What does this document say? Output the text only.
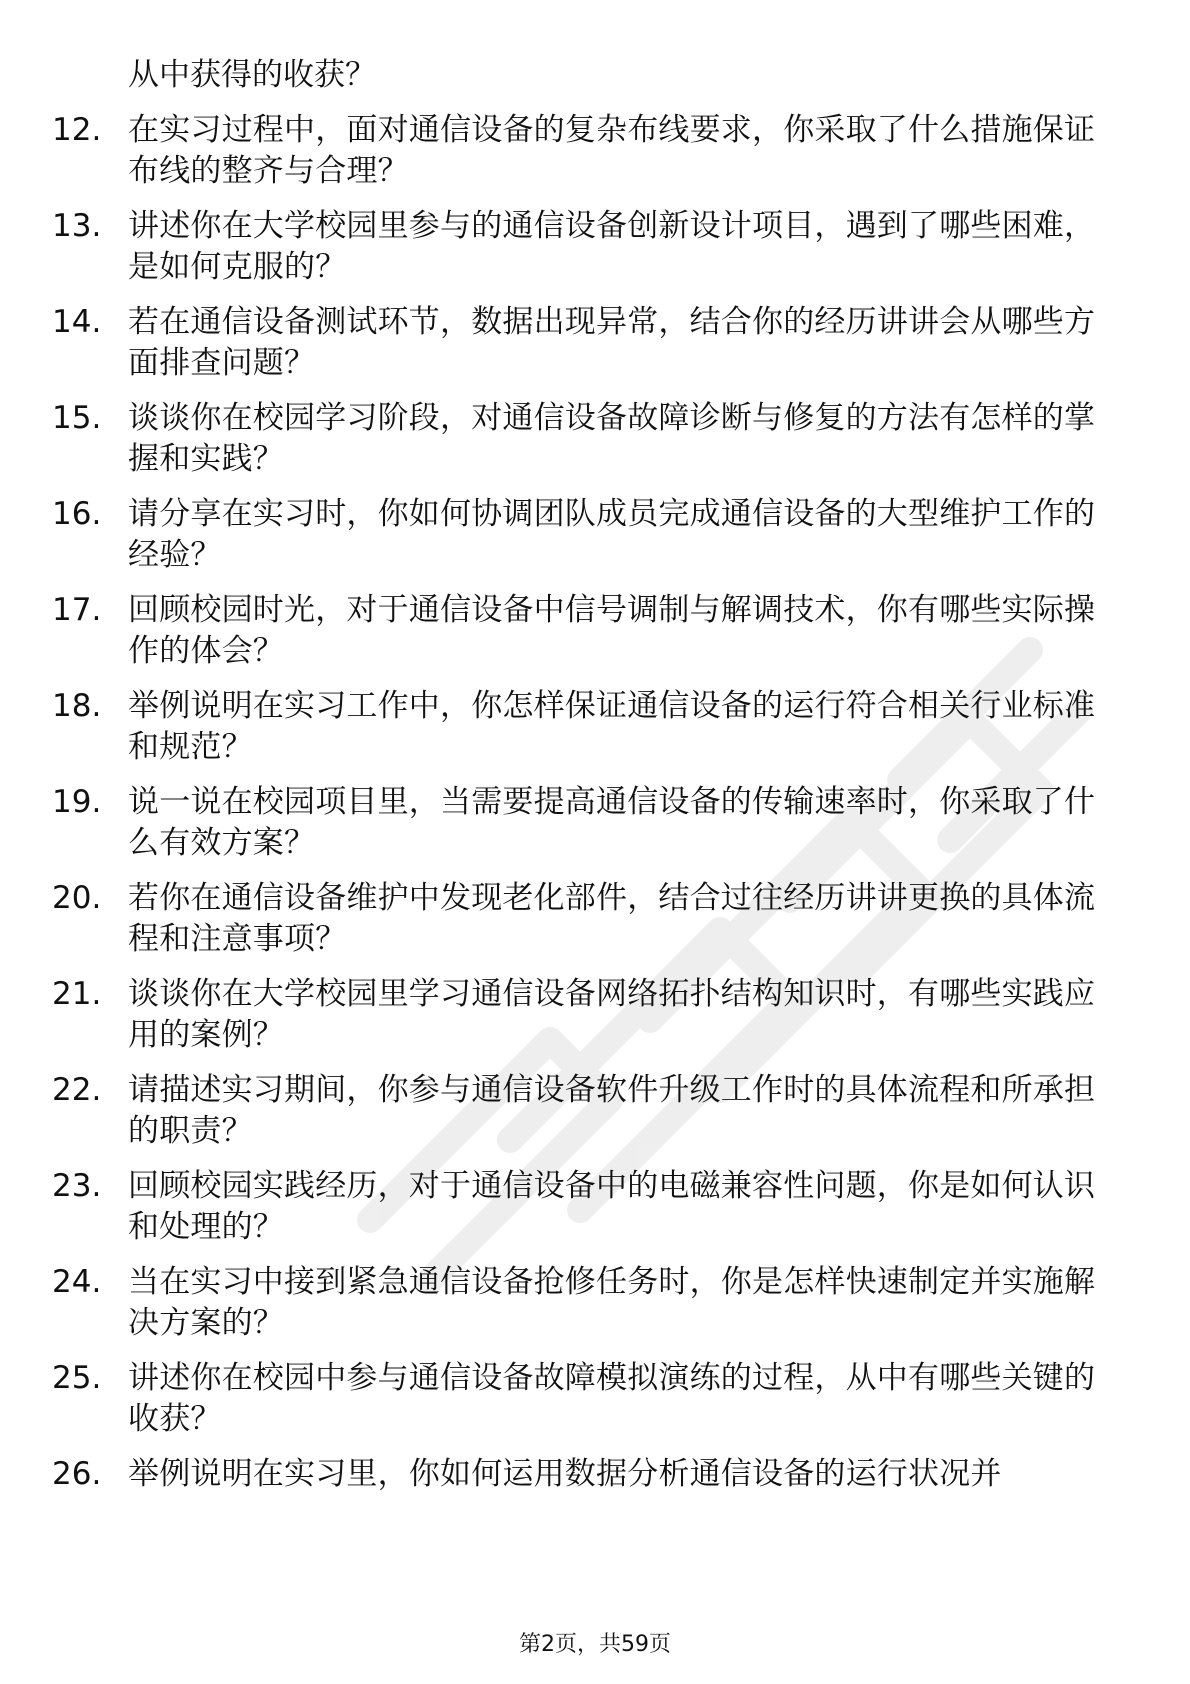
从中获得的收获？
12. 在实习过程中，面对通信设备的复杂布线要求，你采取了什么措施保证布线的整齐与合理？
13. 讲述你在大学校园里参与的通信设备创新设计项目，遇到了哪些困难，是如何克服的？
14. 若在通信设备测试环节，数据出现异常，结合你的经历讲讲会从哪些方面排查问题？
15. 谈谈你在校园学习阶段，对通信设备故障诊断与修复的方法有怎样的掌握和实践？
16. 请分享在实习时，你如何协调团队成员完成通信设备的大型维护工作的经验？
17. 回顾校园时光，对于通信设备中信号调制与解调技术，你有哪些实际操作的体会？
18. 举例说明在实习工作中，你怎样保证通信设备的运行符合相关行业标准和规范？
19. 说一说在校园项目里，当需要提高通信设备的传输速率时，你采取了什么有效方案？
20. 若你在通信设备维护中发现老化部件，结合过往经历讲讲更换的具体流程和注意事项？
21. 谈谈你在大学校园里学习通信设备网络拓扑结构知识时，有哪些实践应用的案例？
22. 请描述实习期间，你参与通信设备软件升级工作时的具体流程和所承担的职责？
23. 回顾校园实践经历，对于通信设备中的电磁兼容性问题，你是如何认识和处理的？
24. 当在实习中接到紧急通信设备抢修任务时，你是怎样快速制定并实施解决方案的？
25. 讲述你在校园中参与通信设备故障模拟演练的过程，从中有哪些关键的收获？
26. 举例说明在实习里，你如何运用数据分析通信设备的运行状况并
第2页，共59页
